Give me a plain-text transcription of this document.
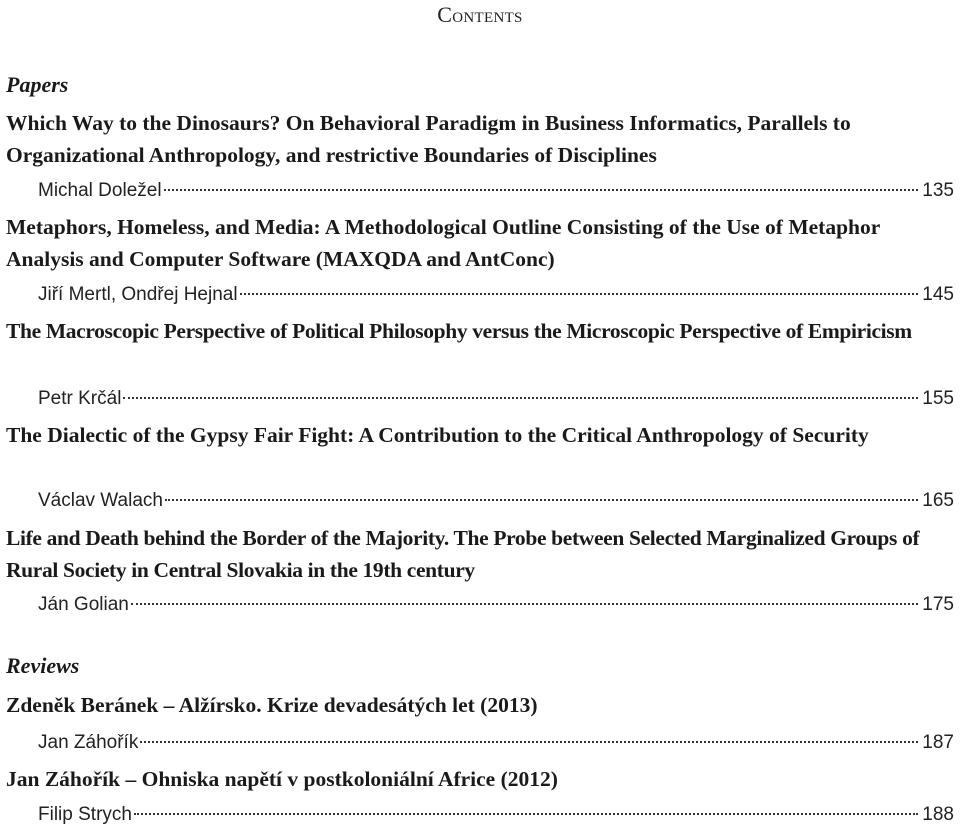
Contents
Papers
Which Way to the Dinosaurs? On Behavioral Paradigm in Business Informatics, Parallels to Organizational Anthropology, and restrictive Boundaries of Disciplines
Michal Doležel	135
Metaphors, Homeless, and Media: A Methodological Outline Consisting of the Use of Metaphor Analysis and Computer Software (MAXQDA and AntConc)
Jiří Mertl, Ondřej Hejnal	145
The Macroscopic Perspective of Political Philosophy versus the Microscopic Perspective of Empiricism
Petr Krčál	155
The Dialectic of the Gypsy Fair Fight: A Contribution to the Critical Anthropology of Security
Václav Walach	165
Life and Death behind the Border of the Majority. The Probe between Selected Marginalized Groups of Rural Society in Central Slovakia in the 19th century
Ján Golian	175
Reviews
Zdeněk Beránek – Alžírsko. Krize devadesátých let (2013)
Jan Záhořík	187
Jan Záhořík – Ohniska napětí v postkoloniální Africe (2012)
Filip Strych	188
